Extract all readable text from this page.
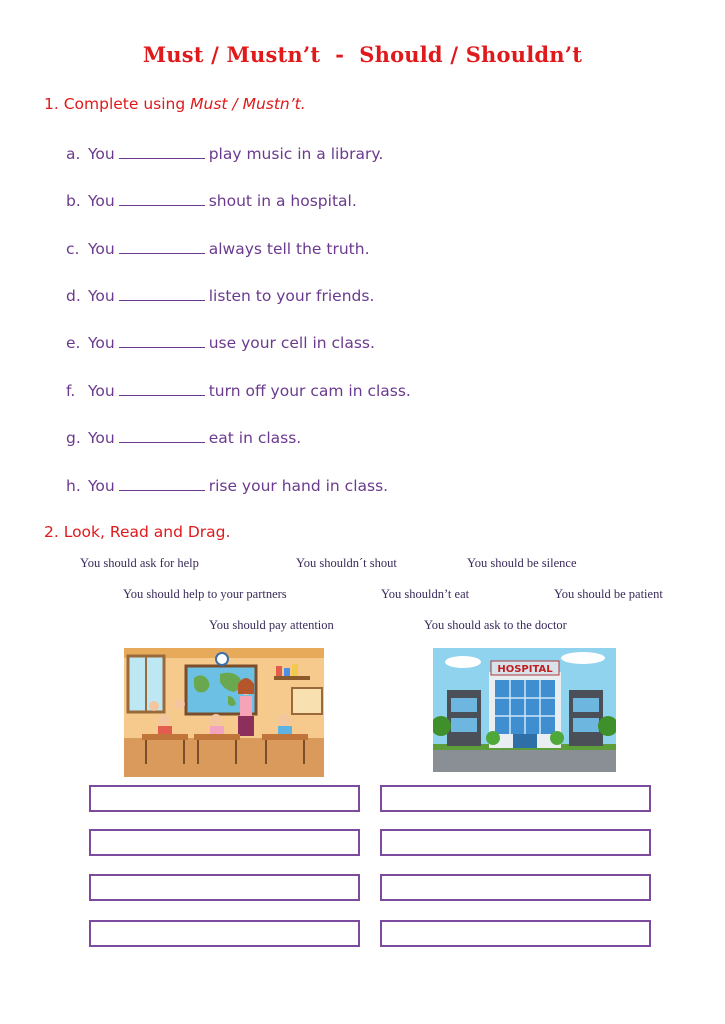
Must / Mustn’t  -  Should / Shouldn’t
1. Complete using Must / Mustn’t.
a. You	play music in a library.
b. You	shout in a hospital.
c. You	always tell the truth.
d. You	listen to your friends.
e. You	use your cell in class.
f. You	turn off your cam in class.
g. You	eat in class.
h. You	rise your hand in class.
2. Look, Read and Drag.
You should ask for help	You shouldn´t shout	You should be silence
You should help to your partners	You shouldn’t eat	You should be patient
You should pay attention	You should ask to the doctor
HOSPITAL
